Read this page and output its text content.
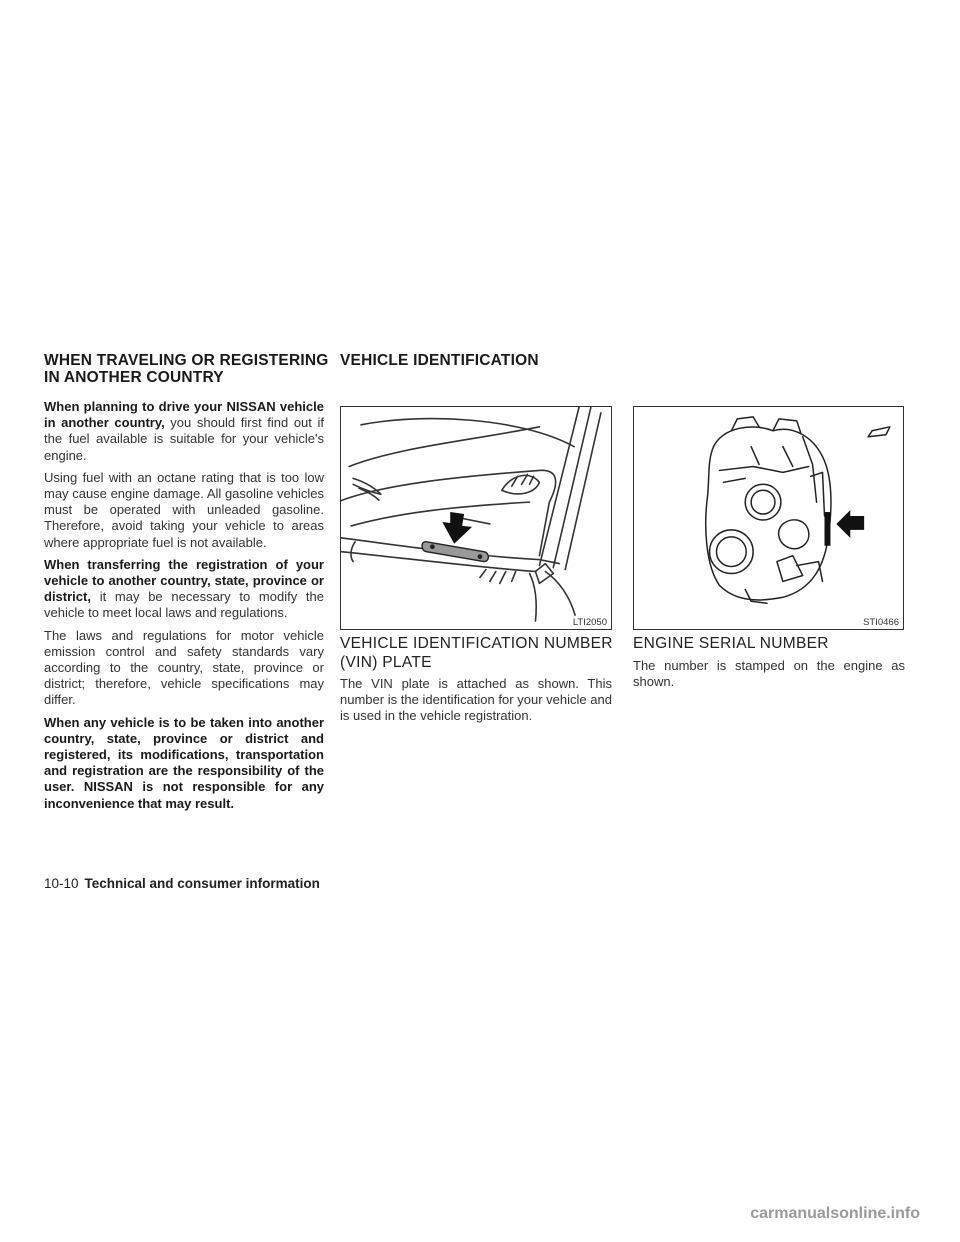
WHEN TRAVELING OR REGISTERING IN ANOTHER COUNTRY

When planning to drive your NISSAN vehicle in another country, you should first find out if the fuel available is suitable for your vehicle's engine.

Using fuel with an octane rating that is too low may cause engine damage. All gasoline vehicles must be operated with unleaded gasoline. Therefore, avoid taking your vehicle to areas where appropriate fuel is not available.

When transferring the registration of your vehicle to another country, state, province or district, it may be necessary to modify the vehicle to meet local laws and regulations.

The laws and regulations for motor vehicle emission control and safety standards vary according to the country, state, province or district; therefore, vehicle specifications may differ.

When any vehicle is to be taken into another country, state, province or district and registered, its modifications, transportation and registration are the responsibility of the user. NISSAN is not responsible for any inconvenience that may result.

VEHICLE IDENTIFICATION
LTI2050
VEHICLE IDENTIFICATION NUMBER (VIN) PLATE

The VIN plate is attached as shown. This number is the identification for your vehicle and is used in the vehicle registration.

STI0466
ENGINE SERIAL NUMBER

The number is stamped on the engine as shown.

10-10 Technical and consumer information
carmanualsonline.info
